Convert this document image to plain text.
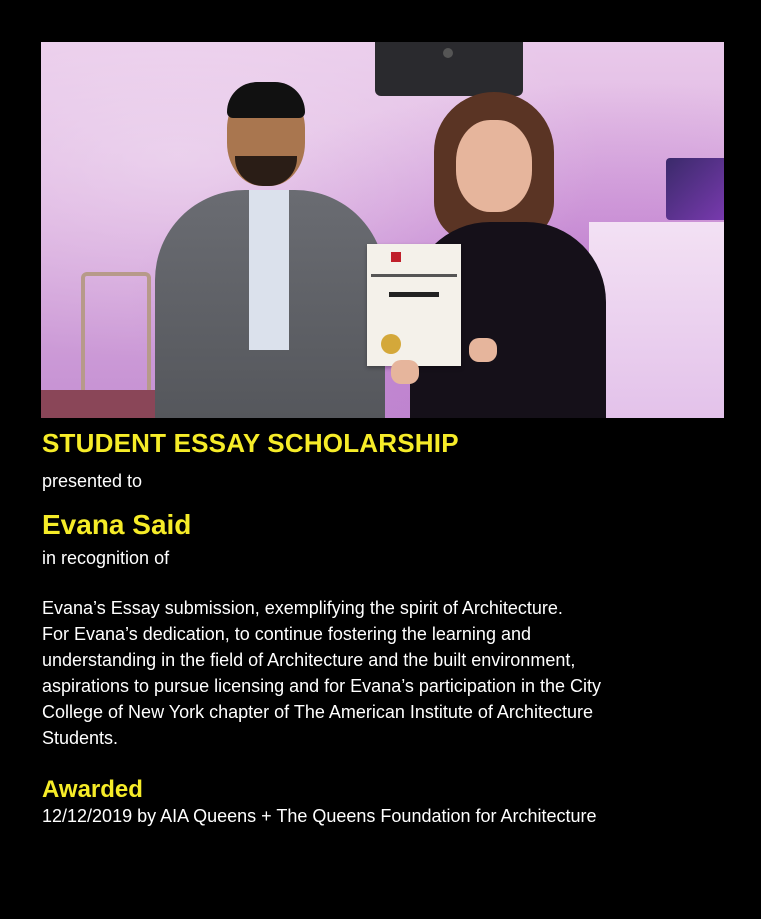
STUDENT ESSAY SCHOLARSHIP

presented to

Evana Said

in recognition of

Evana’s Essay submission, exemplifying the spirit of Architecture.
For Evana’s dedication, to continue fostering the learning and
understanding in the field of Architecture and the built environment,
aspirations to pursue licensing and for Evana’s participation in the City
College of New York chapter of The American Institute of Architecture
Students.
Awarded

12/12/2019 by AIA Queens + The Queens Foundation for Architecture
